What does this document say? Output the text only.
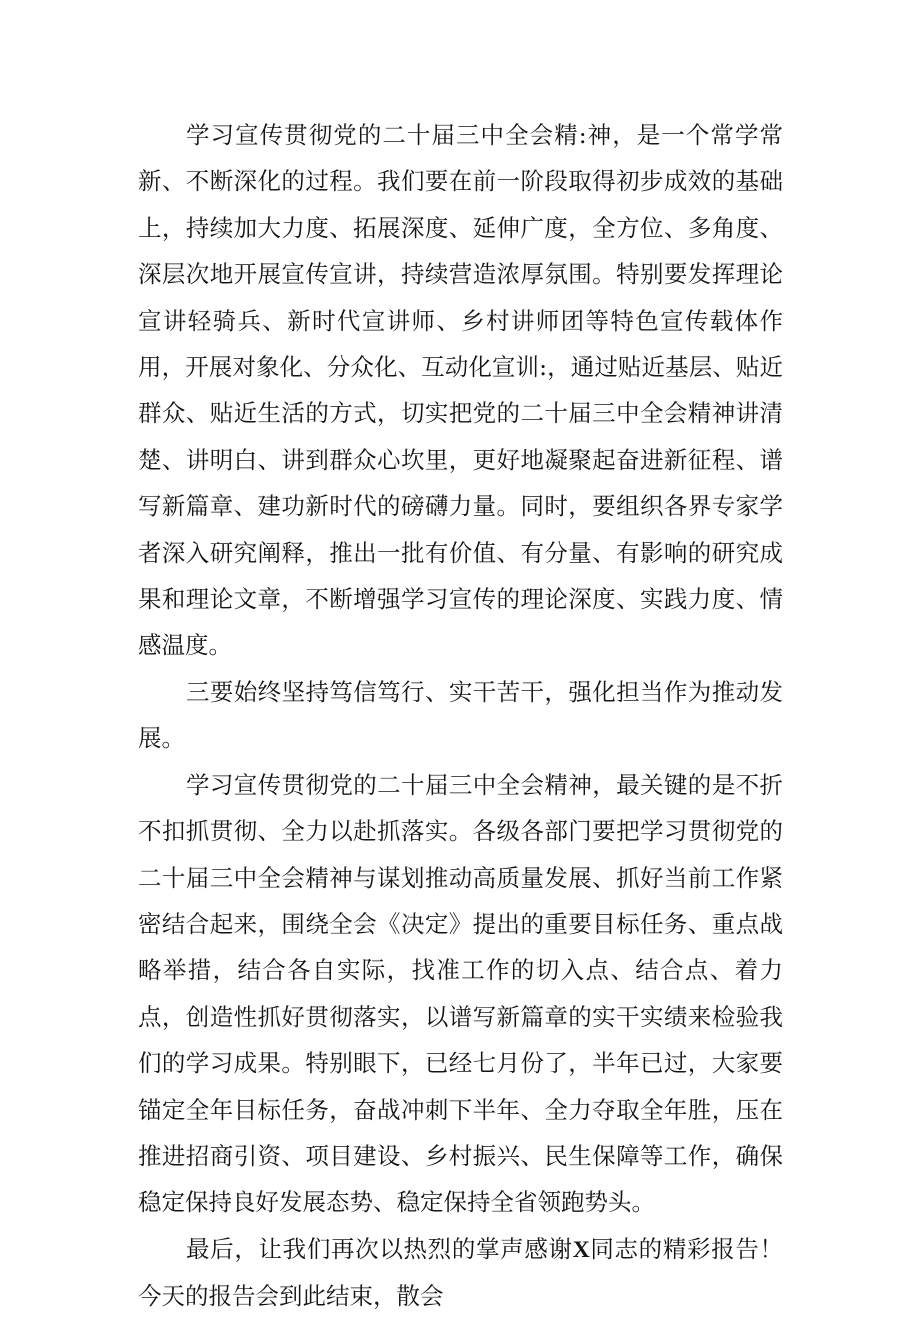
学习宣传贯彻党的二十届三中全会精:神，是一个常学常新、不断深化的过程。我们要在前一阶段取得初步成效的基础上，持续加大力度、拓展深度、延伸广度，全方位、多角度、深层次地开展宣传宣讲，持续营造浓厚氛围。特别要发挥理论宣讲轻骑兵、新时代宣讲师、乡村讲师团等特色宣传载体作用，开展对象化、分众化、互动化宣训:，通过贴近基层、贴近群众、贴近生活的方式，切实把党的二十届三中全会精神讲清楚、讲明白、讲到群众心坎里，更好地凝聚起奋进新征程、谱写新篇章、建功新时代的磅礴力量。同时，要组织各界专家学者深入研究阐释，推出一批有价值、有分量、有影响的研究成果和理论文章，不断增强学习宣传的理论深度、实践力度、情感温度。

三要始终坚持笃信笃行、实干苦干，强化担当作为推动发展。

学习宣传贯彻党的二十届三中全会精神，最关键的是不折不扣抓贯彻、全力以赴抓落实。各级各部门要把学习贯彻党的二十届三中全会精神与谋划推动高质量发展、抓好当前工作紧密结合起来，围绕全会《决定》提出的重要目标任务、重点战略举措，结合各自实际，找准工作的切入点、结合点、着力点，创造性抓好贯彻落实，以谱写新篇章的实干实绩来检验我们的学习成果。特别眼下，已经七月份了，半年已过，大家要锚定全年目标任务，奋战冲刺下半年、全力夺取全年胜，压在推进招商引资、项目建设、乡村振兴、民生保障等工作，确保稳定保持良好发展态势、稳定保持全省领跑势头。

最后，让我们再次以热烈的掌声感谢X同志的精彩报告！今天的报告会到此结束，散会
